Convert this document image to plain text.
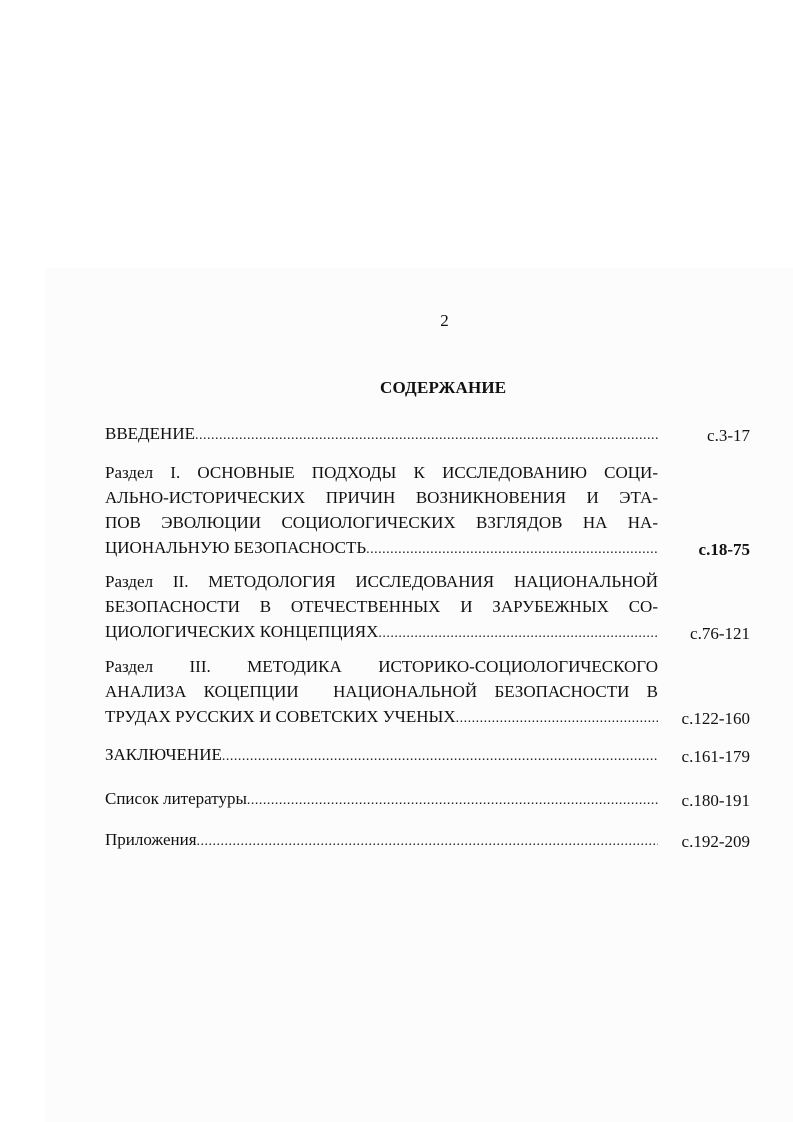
2
СОДЕРЖАНИЕ
ВВЕДЕНИЕ .....	с.3-17
Раздел I. ОСНОВНЫЕ ПОДХОДЫ К ИССЛЕДОВАНИЮ СОЦИ-
АЛЬНО-ИСТОРИЧЕСКИХ ПРИЧИН ВОЗНИКНОВЕНИЯ И ЭТА-
ПОВ ЭВОЛЮЦИИ СОЦИОЛОГИЧЕСКИХ ВЗГЛЯДОВ НА НА-
ЦИОНАЛЬНУЮ БЕЗОПАСНОСТЬ .....	с.18-75
Раздел II. МЕТОДОЛОГИЯ ИССЛЕДОВАНИЯ НАЦИОНАЛЬНОЙ
БЕЗОПАСНОСТИ В ОТЕЧЕСТВЕННЫХ И ЗАРУБЕЖНЫХ СО-
ЦИОЛОГИЧЕСКИХ КОНЦЕПЦИЯХ .....	с.76-121
Раздел III. МЕТОДИКА ИСТОРИКО-СОЦИОЛОГИЧЕСКОГО
АНАЛИЗА КОЦЕПЦИИ  НАЦИОНАЛЬНОЙ БЕЗОПАСНОСТИ В
ТРУДАХ РУССКИХ И СОВЕТСКИХ УЧЕНЫХ .....	с.122-160
ЗАКЛЮЧЕНИЕ .....	с.161-179
Список литературы .....	с.180-191
Приложения .....	с.192-209
